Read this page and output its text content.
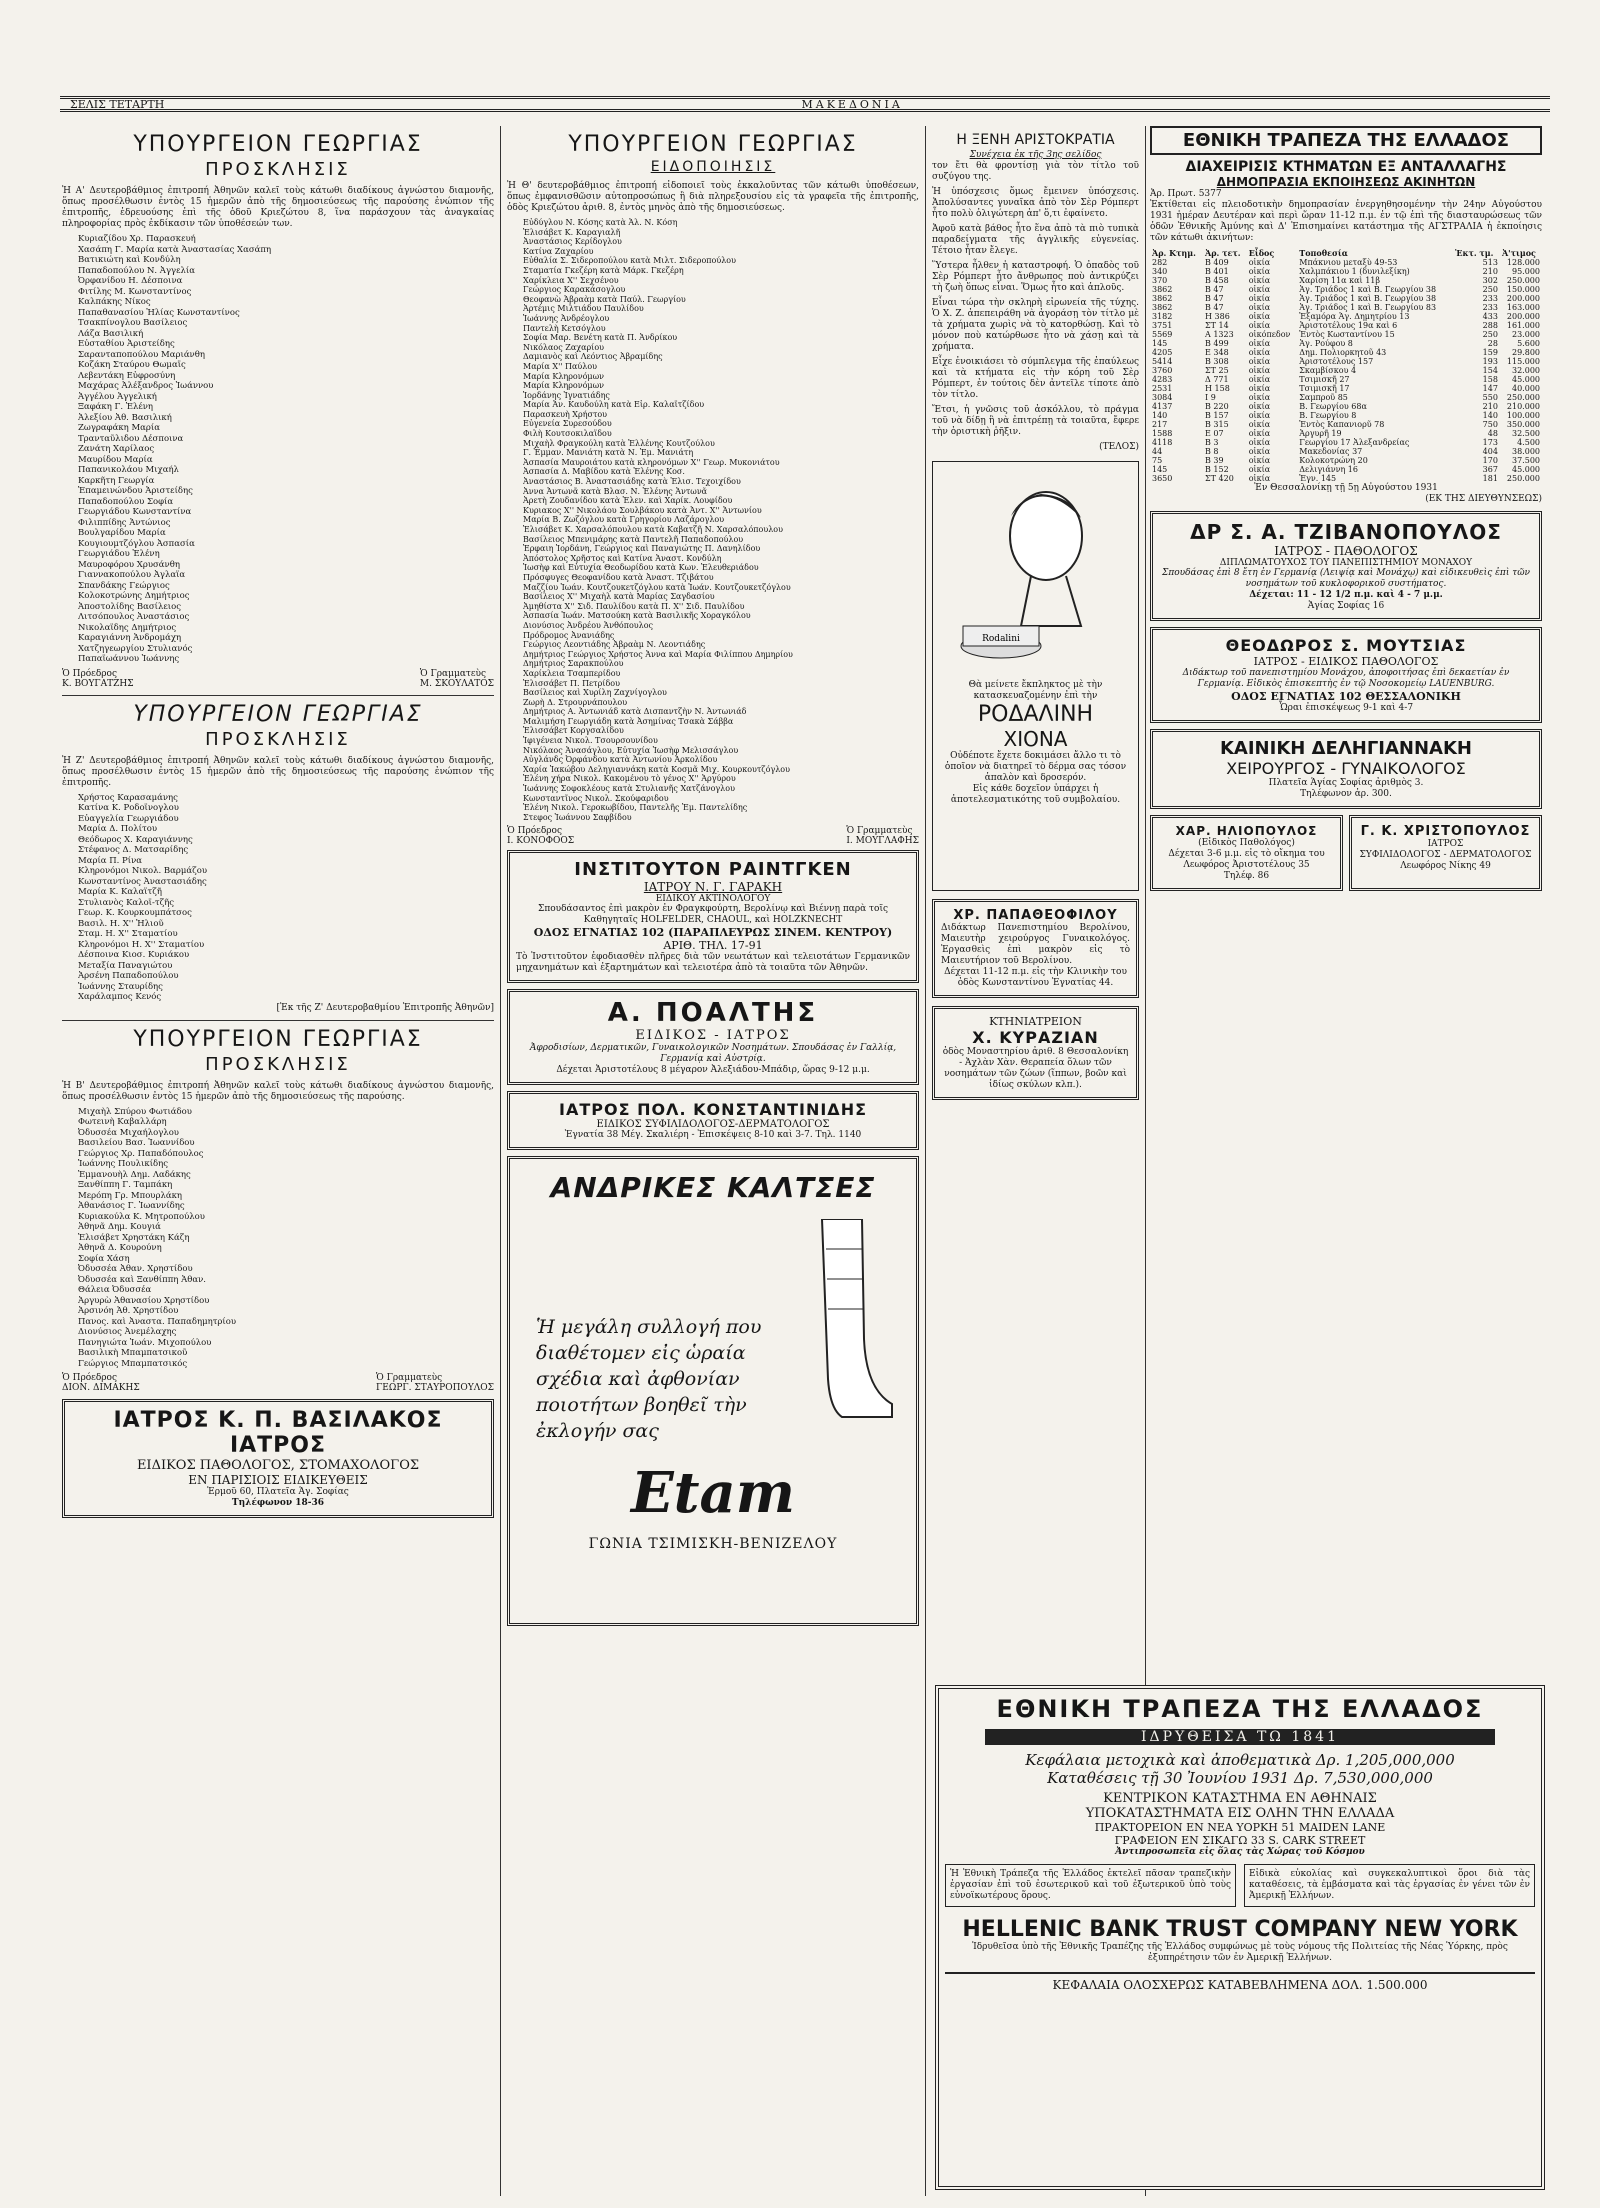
ΣΕΛΙΣ ΤΕΤΑΡΤΗ	ΜΑΚΕΔΟΝΙΑ
ΥΠΟΥΡΓΕΙΟΝ ΓΕΩΡΓΙΑΣ
ΠΡΟΣΚΛΗΣΙΣ

Ἡ Α' Δευτεροβάθμιος ἐπιτροπή Ἀθηνῶν καλεῖ τοὺς κάτωθι διαδίκους ἀγνώστου διαμονῆς, ὅπως προσέλθωσιν ἐντὸς 15 ἡμερῶν ἀπὸ τῆς δημοσιεύσεως τῆς παρούσης ἐνώπιον τῆς ἐπιτροπῆς, ἑδρευούσης ἐπὶ τῆς ὁδοῦ Κριεζώτου 8, ἵνα παράσχουν τὰς ἀναγκαίας πληροφορίας πρὸς ἐκδίκασιν τῶν ὑποθέσεών των.

1. Κυριαζίδου Χρ. Παρασκευή
2. Χασάπη Γ. Μαρία κατὰ Ἀναστασίας Χασάπη
3. Βατικιώτη καὶ Κονδύλη
4. Παπαδοπούλου Ν. Ἀγγελία
5. Ὀρφανίδου Η. Δέσποινα
6. Φιτίλης Μ. Κωνσταντίνος
7. Καλπάκης Νίκος
8. Παπαθανασίου Ἠλίας Κωνσταντίνος
9. Τσακπίνογλου Βασίλειος
10. Λάζα Βασιλική
11. Εὐσταθίου Ἀριστείδης
12. Σαρανταποπούλου Μαριάνθη
13. Κοζάκη Σταύρου Θωμαΐς
14. Λεβεντάκη Εὐφροσύνη
15. Μαχάρας Ἀλέξανδρος Ἰωάννου
16. Ἀγγέλου Ἀγγελική
17. Ξαφάκη Γ. Ἑλένη
18. Ἀλεξίου Ἀθ. Βασιλική
19. Ζωγραφάκη Μαρία
20. Τρανταῦλιδου Δέσποινα
21. Ζανάτη Χαρίλαος
22. Μαυρίδου Μαρία
23. Παπανικολάου Μιχαήλ
24. Καρκῆτη Γεωργία
25. Ἐπαμεινώνδου Ἀριστείδης
26. Παπαδοπούλου Σοφία
27. Γεωργιάδου Κωνσταντίνα
28. Φιλιππίδης Ἀντώνιος
29. Βουλγαρίδου Μαρία
30. Κουγιουμτζόγλου Ἀσπασία
31. Γεωργιάδου Ἑλένη
32. Μαυροφόρου Χρυσάνθη
33. Γιαννακοπούλου Ἀγλαΐα
34. Σπανδάκης Γεώργιος
35. Κολοκοτρώνης Δημήτριος
36. Ἀποστολίδης Βασίλειος
37. Λιτσόπουλος Ἀναστάσιος
38. Νικολαΐδης Δημήτριος
39. Καραγιάννη Ἀνδρομάχη
40. Χατζηγεωργίου Στυλιανός
41. Παπαϊωάννου Ἰωάννης
Ὁ Πρόεδρος
Κ. ΒΟΥΓΑΤΖΗΣ
Ὁ Γραμματεὺς
Μ. ΣΚΟΥΛΑΤΟΣ
ΥΠΟΥΡΓΕΙΟΝ ΓΕΩΡΓΙΑΣ
ΠΡΟΣΚΛΗΣΙΣ

Ἡ Ζ' Δευτεροβάθμιος ἐπιτροπή Ἀθηνῶν καλεῖ τοὺς κάτωθι διαδίκους ἀγνώστου διαμονῆς, ὅπως προσέλθωσιν ἐντὸς 15 ἡμερῶν ἀπὸ τῆς δημοσιεύσεως τῆς παρούσης ἐνώπιον τῆς ἐπιτροπῆς.

1. Χρήστος Καρασαμάνης
2. Κατίνα Κ. Ροδοΐνογλου
3. Εὐαγγελία Γεωργιάδου
4. Μαρία Δ. Πολίτου
5. Θεόδωρος Χ. Καραγιάννης
6. Στέφανος Δ. Ματσαρίδης
7. Μαρία Π. Ρίνα
8. Κληρονόμοι Νικολ. Βαρμάζου
9. Κωνσταντίνος Ἀναστασιάδης
10. Μαρία Κ. Καλαϊτζῆ
11. Στυλιανὸς Καλοϊ-τζῆς
12. Γεωρ. Κ. Κουρκουμπάτσος
13. Βασιλ. Η. Χ'' Ἠλιοῦ
14. Σταμ. Η. Χ'' Σταματίου
15. Κληρονόμοι Η. Χ'' Σταματίου
16. Δέσποινα Κιοσ. Κυριάκου
17. Μεταξία Παναγιώτου
18. Ἀρσένη Παπαδοπούλου
19. Ἰωάννης Σταυρίδης
20. Χαράλαμπος Κενός
[Ἐκ τῆς Ζ' Δευτεροβαθμίου Ἐπιτροπῆς Ἀθηνῶν]
ΥΠΟΥΡΓΕΙΟΝ ΓΕΩΡΓΙΑΣ
ΠΡΟΣΚΛΗΣΙΣ

Ἡ Β' Δευτεροβάθμιος ἐπιτροπή Ἀθηνῶν καλεῖ τοὺς κάτωθι διαδίκους ἀγνώστου διαμονῆς, ὅπως προσέλθωσιν ἐντὸς 15 ἡμερῶν ἀπὸ τῆς δημοσιεύσεως τῆς παρούσης.

1. Μιχαὴλ Σπύρου Φωτιάδου
2. Φωτεινὴ Καβαλλάρη
3. Ὀδυσσέα Μιχαήλογλου
4. Βασιλείου Βασ. Ἰωαννίδου
5. Γεώργιος Χρ. Παπαδόπουλος
6. Ἰωάννης Πουλικίδης
7. Ἐμμανουὴλ Δημ. Λαδάκης
8. Ξανθίππη Γ. Ταμπάκη
9. Μερόπη Γρ. Μπουρλάκη
10. Ἀθανάσιος Γ. Ἰωαννίδης
11. Κυριακούλα Κ. Μητροπούλου
12. Ἀθηνᾶ Δημ. Κουγιά
13. Ἑλισάβετ Χρηστάκη Κάζη
14. Ἀθηνᾶ Δ. Κουρούνη
15. Σοφία Χάση
16. Ὀδυσσέα Ἀθαν. Χρηστίδου
17. Ὀδυσσέα καὶ Ξανθίππη Ἀθαν.
18. Θάλεια Ὀδυσσέα
19. Ἀργυρὼ Ἀθανασίου Χρηστίδου
20. Ἀρσινόη Ἀθ. Χρηστίδου
21. Πανος. καὶ Ἀναστα. Παπαδημητρίου
22. Διονύσιος Ἀνεμέλαχης
23. Πανηγιώτα Ἰωάν. Μιχοπούλου
24. Βασιλικὴ Μπαμπατσικοῦ
25. Γεώργιος Μπαμπατσικός
Ὁ Πρόεδρος
ΔΙΟΝ. ΔΙΜΑΚΗΣ
Ὁ Γραμματεὺς
ΓΕΩΡΓ. ΣΤΑΥΡΟΠΟΥΛΟΣ
ΙΑΤΡΟΣ Κ. Π. ΒΑΣΙΛΑΚΟΣ ΙΑΤΡΟΣ
ΕΙΔΙΚΟΣ ΠΑΘΟΛΟΓΟΣ, ΣΤΟΜΑΧΟΛΟΓΟΣ
ΕΝ ΠΑΡΙΣΙΟΙΣ ΕΙΔΙΚΕΥΘΕΙΣ
Ἑρμοῦ 60, Πλατεῖα Ἁγ. Σοφίας
Τηλέφωνον 18-36
ΥΠΟΥΡΓΕΙΟΝ ΓΕΩΡΓΙΑΣ
ΕΙΔΟΠΟΙΗΣΙΣ

Ἡ Θ' δευτεροβάθμιος ἐπιτροπή εἰδοποιεῖ τοὺς ἐκκαλοῦντας τῶν κάτωθι ὑποθέσεων, ὅπως ἐμφανισθῶσιν αὐτοπροσώπως ἢ διὰ πληρεξουσίου εἰς τὰ γραφεῖα τῆς ἐπιτροπῆς, ὁδὸς Κριεζώτου ἀριθ. 8, ἐντὸς μηνὸς ἀπὸ τῆς δημοσιεύσεως.

1. Εὐδύγλου Ν. Κόσης κατὰ Ἀλ. Ν. Κόση
2. Ἐλισάβετ Κ. Καραγιαλῆ
3. Ἀναστάσιος Κερίδογλου
4. Κατίνα Ζαχαρίου
5. Εὐθαλία Σ. Σιδεροπούλου κατὰ Μιλτ. Σιδεροπούλου
6. Σταματία Γκεζέρη κατὰ Μάρκ. Γκεζέρη
7. Χαρίκλεια Χ'' Σεχσένου
8. Γεώργιος Καρακάσογλου
9. Θεοφανὼ Ἀβραὰμ κατὰ Παύλ. Γεωργίου
10. Ἀρτέμις Μιλτιάδου Παυλίδου
11. Ἰωάννης Ἀνδρέογλου
12. Παντελὴ Κετσόγλου
13. Σοφία Μαρ. Βενέτη κατὰ Π. Ἀνδρίκου
14. Νικόλαος Ζαχαρίου
15. Δαμιανὸς καὶ Λεόντιος Ἀβραμίδης
16. Μαρία Χ'' Παύλου
17. Μαρία Κληρονόμων
18. Μαρία Κληρονόμων
19. Ἰορδάνης Ἰγνατιάδης
20. Μαρία Ἀν. Καυδούλη κατὰ Εἰρ. Καλαϊτζίδου
21. Παρασκευὴ Χρήστου
22. Εὐγενεία Συρεσούδου
23. Φιλὴ Κουτσοκιλαΐδου
24. Μιχαὴλ Φραγκούλη κατὰ Ἑλλένης Κουτζούλου
25. Γ. Ἐμμαν. Μανιάτη κατὰ Ν. Ἐμ. Μανιάτη
26. Ἀσπασία Μαυροιάτου κατὰ κληρονόμων Χ'' Γεωρ. Μυκονιάτου
27. Ἀσπασία Δ. Μαβίδου κατὰ Ἑλένης Κοσ.
28. Ἀναστάσιος Β. Ἀναστασιάδης κατὰ Ἐλισ. Τεχοιχίδου
29. Ἀννα Ἀντωνᾶ κατὰ Βλασ. Ν. Ἑλένης Ἀντωνᾶ
30. Ἀρετὴ Ζουδανίδου κατὰ Ἑλεν. καὶ Χαρίκ. Λουφίδου
31. Κυριακος Χ'' Νικολάου Σουλβάκου κατὰ Ἀντ. Χ'' Ἀντωνίου
32. Μαρία Β. Ζωζόγλου κατὰ Γρηγορίου Λαζάρογλου
33. Ἑλισάβετ Κ. Χαρσαλόπουλου κατὰ Καβατζῆ Ν. Χαρσαλόπουλου
34. Βασίλειος Μπενιμάρης κατὰ Παντελῆ Παπαδοπούλου
35. Ἑρφαιη Ἰορδάνη, Γεώργιος καὶ Παναγιώτης Π. Δανηλίδου
36. Ἀπόστολος Χρῆστος καὶ Κατίνα Ἀναστ. Κονδύλη
37. Ἰωσὴφ καὶ Εὐτυχία Θεοδωρίδου κατὰ Κων. Ἐλευθεριάδου
38. Πρόσφυγες Θεοφανίδου κατὰ Ἀναστ. Τζιβάτου
39. Μαζζίου Ἰωάν. Κουτζουκετζόγλου κατὰ Ἰωάν. Κουτζουκετζόγλου
40. Βασίλειος Χ'' Μιχαὴλ κατὰ Μαρίας Σαγδασίου
41. Ἀμηθίστα Χ'' Σιδ. Παυλίδου κατὰ Π. Χ'' Σιδ. Παυλίδου
42. Ἀσπασία Ἰωάν. Ματσούκη κατὰ Βασιλικῆς Χοραγκόλου
43. Διονύσιος Ἀνδρέου Ἀνθόπουλος
44. Πρόδρομος Ἀνανιάδης
45. Γεώργιος Λεοντιάδης Ἀβραὰμ Ν. Λεοντιάδης
46. Δημήτριος Γεώργιος Χρήστος Ἀννα καὶ Μαρία Φιλίππου Δημηρίου
47. Δημήτριος Σαρακπούλου
48. Χαρίκλεια Τσαμπερίδου
49. Ἑλισσάβετ Π. Πετρίδου
50. Βασίλειος καὶ Χυρίλη Ζαχνίγογλου
51. Ζωρὴ Δ. Στρουρνάπουλου
52. Δημήτριος Α. Ἀντωνιάδ κατὰ Δισπαντζὴν Ν. Ἀντωνιάδ
53. Μαλιμήση Γεωργιάδη κατὰ Ἀσημίνας Τσακὰ Σάββα
54. Ἑλισσάβετ Κοργσαλίδου
55. Ἰφιγένεια Νικολ. Τσουρσουνίδου
56. Νικόλαος Ἀνασάγλου, Εὐτυχία Ἰωσὴφ Μελισσάγλου
57. Αὐγλάνδς Ὀρφάνδου κατὰ Ἀντωνίου Ἀρκολίδου
58. Χαρία Ἰακώβου Δεληγιαννάκη κατὰ Κοσμᾶ Μιχ. Κουρκουτζόγλου
59. Ἑλένη χήρα Νικολ. Κακομένου τὸ γένος Χ'' Ἀργύρου
60. Ἰωάννης Σοφοκλέους κατὰ Στυλιανῆς Χατζάνογλου
61. Κωνσταντῖνος Νικολ. Σκούφαριδου
62. Ἑλένη Νικολ. Γεροκωβίδου, Παντελῆς Ἐμ. Παντελίδης
63. Στεφος Ἰωάννου Σαφβίδου
Ὁ Πρόεδρος
Ι. ΚΟΝΟΦΟΟΣ
Ὁ Γραμματεὺς
Ι. ΜΟΥΓΛΑΦΗΣ
ΙΝΣΤΙΤΟΥΤΟΝ ΡΑΙΝΤΓΚΕΝ
ΙΑΤΡΟΥ Ν. Γ. ΓΑΡΑΚΗ
ΕΙΔΙΚΟΥ ΑΚΤΙΝΟΛΟΓΟΥ
Σπουδάσαντος ἐπὶ μακρὸν ἐν Φραγκφούρτη, Βερολίνῳ καὶ Βιέννῃ παρὰ τοῖς Καθηγηταῖς HOLFELDER, CHAOUL, καὶ HOLZKNECHT
ΟΔΟΣ ΕΓΝΑΤΙΑΣ 102 (ΠΑΡΑΠΛΕΥΡΩΣ ΣΙΝΕΜ. ΚΕΝΤΡΟΥ)
ΑΡΙΘ. ΤΗΛ. 17-91
Τὸ Ἰνστιτοῦτον ἐφοδιασθὲν πλῆρες διὰ τῶν νεωτάτων καὶ τελειοτάτων Γερμανικῶν μηχανημάτων καὶ ἐξαρτημάτων καὶ τελειοτέρα ἀπὸ τὰ τοιαῦτα τῶν Ἀθηνῶν.
Α. ΠΟΑΛΤΗΣ
ΕΙΔΙΚΟΣ - ΙΑΤΡΟΣ
Ἀφροδισίων, Δερματικῶν, Γυναικολογικῶν Νοσημάτων. Σπουδάσας ἐν Γαλλίᾳ, Γερμανίᾳ καὶ Αὐστρίᾳ.
Δέχεται Ἀριστοτέλους 8 μέγαρον Ἀλεξιάδου-Μπάδιρ, ὥρας 9-12 μ.μ.
ΙΑΤΡΟΣ ΠΟΛ. ΚΟΝΣΤΑΝΤΙΝΙΔΗΣ
ΕΙΔΙΚΟΣ ΣΥΦΙΛΙΔΟΛΟΓΟΣ-ΔΕΡΜΑΤΟΛΟΓΟΣ
Ἐγνατία 38 Μέγ. Σκαλιέρη - Ἐπισκέψεις 8-10 καὶ 3-7. Τηλ. 1140
ΑΝΔΡΙΚΕΣ ΚΑΛΤΣΕΣ
Ἡ μεγάλη συλλογή που διαθέτομεν εἰς ὡραία σχέδια καὶ ἀφθονίαν ποιοτήτων βοηθεῖ τὴν ἐκλογήν σας
Etam
ΓΩΝΙΑ ΤΣΙΜΙΣΚΗ-ΒΕΝΙΖΕΛΟΥ
Η ΞΕΝΗ ΑΡΙΣΤΟΚΡΑΤΙΑ
Συνέχεια ἐκ τῆς 3ης σελίδος

τον ἔτι θὰ φροντίσῃ γιὰ τὸν τίτλο τοῦ συζύγου της.

Ἡ ὑπόσχεσις ὅμως ἔμεινεν ὑπόσχεσις. Ἀπολύσαντες γυναῖκα ἀπὸ τὸν Σὲρ Ρόμπερτ ἦτο πολὺ ὀλιγώτερη ἀπ' ὅ,τι ἐφαίνετο.

Ἀφοῦ κατὰ βάθος ἦτο ἕνα ἀπὸ τὰ πιὸ τυπικὰ παραδείγματα τῆς ἀγγλικῆς εὐγενείας. Τέτοιο ἦταν ἔλεγε.

Ὕστερα ἦλθεν ἡ καταστροφή. Ὁ ὀπαδὸς τοῦ Σὲρ Ρόμπερτ ἦτο ἄνθρωπος ποὺ ἀντικρύζει τὴ ζωὴ ὅπως εἶναι. Ὅμως ἦτο καὶ ἁπλοῦς.

Εἶναι τώρα τὴν σκληρὴ εἰρωνεία τῆς τύχης. Ὁ Χ. Ζ. ἀπεπειράθη νὰ ἀγοράσῃ τὸν τίτλο μὲ τὰ χρήματα χωρὶς νὰ τὸ κατορθώσῃ. Καὶ τὸ μόνον ποὺ κατώρθωσε ἦτο νὰ χάσῃ καὶ τὰ χρήματα.

Εἶχε ἐνοικιάσει τὸ σύμπλεγμα τῆς ἐπαύλεως καὶ τὰ κτήματα εἰς τὴν κόρη τοῦ Σὲρ Ρόμπερτ, ἐν τούτοις δὲν ἀντεῖλε τίποτε ἀπὸ τὸν τίτλο.

Ἔτσι, ἡ γνῶσις τοῦ ἀσκόλλου, τὸ πράγμα τοῦ νὰ δίδῃ ἢ νὰ ἐπιτρέπῃ τὰ τοιαῦτα, ἔφερε τὴν ὁριστικὴ ῥῆξιν.

(ΤΕΛΟΣ)
Rodalini
Θὰ μείνετε ἔκπληκτος μὲ τὴν κατασκευαζομένην ἐπὶ τὴν
ΡΟΔΑΛΙΝΗ
ΧΙΟΝΑ
Οὐδέποτε ἔχετε δοκιμάσει ἄλλο τι τὸ ὁποῖον νὰ διατηρεῖ τὸ δέρμα σας τόσον ἁπαλὸν καὶ δροσερόν.
Εἰς κάθε δοχεῖον ὑπάρχει ἡ ἀποτελεσματικότης τοῦ συμβολαίου.
ΧΡ. ΠΑΠΑΘΕΟΦΙΛΟΥ
Διδάκτωρ Πανεπιστημίου Βερολίνου, Μαιευτὴρ χειρούργος Γυναικολόγος. Ἐργασθεὶς ἐπὶ μακρὸν εἰς τὸ Μαιευτήριον τοῦ Βερολίνου.
Δέχεται 11-12 π.μ. εἰς τὴν Κλινικὴν του ὁδὸς Κωνσταντίνου Ἐγνατίας 44.
ΚΤΗΝΙΑΤΡΕΙΟΝ
Χ. ΚΥΡΑΖΙΑΝ
ὁδὸς Μοναστηρίου ἀριθ. 8 Θεσσαλονίκη - Ἀχλὰν Χὰν. Θεραπεία ὅλων τῶν νοσημάτων τῶν ζώων (ἵππων, βοῶν καὶ ἰδίως σκύλων κλπ.).
ΕΘΝΙΚΗ ΤΡΑΠΕΖΑ ΤΗΣ ΕΛΛΑΔΟΣ
ΔΙΑΧΕΙΡΙΣΙΣ ΚΤΗΜΑΤΩΝ ΕΞ ΑΝΤΑΛΛΑΓΗΣ
ΔΗΜΟΠΡΑΣΙΑ ΕΚΠΟΙΗΣΕΩΣ ΑΚΙΝΗΤΩΝ
Ἀρ. Πρωτ. 5377

Ἐκτίθεται εἰς πλειοδοτικὴν δημοπρασίαν ἐνεργηθησομένην τὴν 24ην Αὐγούστου 1931 ἡμέραν Δευτέραν καὶ περὶ ὥραν 11-12 π.μ. ἐν τῷ ἐπὶ τῆς διασταυρώσεως τῶν ὁδῶν Ἐθνικῆς Ἀμύνης καὶ Δ' Ἐπισημαίνει κατάστημα τῆς ΑΓΣΤΡΑΛΙΑ ἡ ἐκποίησις τῶν κάτωθι ἀκινήτων:

Ἀρ. Κτημ.	Ἀρ. τετ.	Εἶδος	Τοποθεσία	Ἐκτ. τμ.	Ἀ'τιμος
282	Β 409	οἰκία	Μπάκνιου μεταξὺ 49-53	513	128.000
340	Β 401	οἰκία	Χαλμπάκιου 1 (δυνιλεξίκη)	210	95.000
370	Β 458	οἰκία	Χαρίση 11α καὶ 11β	302	250.000
3862	Β 47	οἰκία	Ἁγ. Τριάδος 1 καὶ Β. Γεωργίου 38	250	150.000
3862	Β 47	οἰκία	Ἁγ. Τριάδος 1 καὶ Β. Γεωργίου 38	233	200.000
3862	Β 47	οἰκία	Ἁγ. Τριάδος 1 καὶ Β. Γεωργίου 83	233	163.000
3182	Η 386	οἰκία	Ἐξαμόρα Ἁγ. Δημητρίου 13	433	200.000
3751	ΣΤ 14	οἰκία	Ἀριστοτέλους 19α καὶ 6	288	161.000
5569	Α 1323	οἰκόπεδον	Ἐντὸς Κωσταντίνου 15	250	23.000
145	Β 499	οἰκία	Ἁγ. Ρούφου 8	28	5.600
4205	Ε 348	οἰκία	Δημ. Πολιορκητοῦ 43	159	29.800
5414	Β 308	οἰκία	Ἀριστοτέλους 157	193	115.000
3760	ΣΤ 25	οἰκία	Σκαμβίσκου 4	154	32.000
4283	Δ 771	οἰκία	Τσιμισκῆ 27	158	45.000
2531	Η 158	οἰκία	Τσιμισκῆ 17	147	40.000
3084	Ι 9	οἰκία	Σαμπροῦ 85	550	250.000
4137	Β 220	οἰκία	Β. Γεωργίου 68α	210	210.000
140	Β 157	οἰκία	Β. Γεωργίου 8	140	100.000
217	Β 315	οἰκία	Ἐντὸς Καπανιορῦ 78	750	350.000
1588	Ε 07	οἰκία	Ἀργυρῆ 19	48	32.500
4118	Β 3	οἰκία	Γεωργίου 17 Ἀλεξανδρείας	173	4.500
44	Β 8	οἰκία	Μακεδονίας 37	404	38.000
75	Β 39	οἰκία	Κολοκοτρώνη 20	170	37.500
145	Β 152	οἰκία	Δελιγιάννη 16	367	45.000
3650	ΣΤ 420	οἰκία	Ἐγν. 145	181	250.000
Ἐν Θεσσαλονίκῃ τῇ 5ῃ Αὐγούστου 1931
(ΕΚ ΤΗΣ ΔΙΕΥΘΥΝΣΕΩΣ)
ΔΡ Σ. Α. ΤΖΙΒΑΝΟΠΟΥΛΟΣ
ΙΑΤΡΟΣ - ΠΑΘΟΛΟΓΟΣ
ΔΙΠΛΩΜΑΤΟΥΧΟΣ ΤΟΥ ΠΑΝΕΠΙΣΤΗΜΙΟΥ ΜΟΝΑΧΟΥ
Σπουδάσας ἐπὶ 8 ἔτη ἐν Γερμανίᾳ (Λειψίᾳ καὶ Μονάχῳ) καὶ εἰδικευθεὶς ἐπὶ τῶν νοσημάτων τοῦ κυκλοφορικοῦ συστήματος.
Δέχεται: 11 - 12 1/2 π.μ. καὶ 4 - 7 μ.μ.
Ἁγίας Σοφίας 16
ΘΕΟΔΩΡΟΣ Σ. ΜΟΥΤΣΙΑΣ
ΙΑΤΡΟΣ - ΕΙΔΙΚΟΣ ΠΑΘΟΛΟΓΟΣ
Διδάκτωρ τοῦ πανεπιστημίου Μονάχου, ἀποφοιτήσας ἐπὶ δεκαετίαν ἐν Γερμανίᾳ. Εἰδικὸς ἐπισκεπτὴς ἐν τῷ Νοσοκομείῳ LAUENBURG.
ΟΔΟΣ ΕΓΝΑΤΙΑΣ 102 ΘΕΣΣΑΛΟΝΙΚΗ
Ὧραι ἐπισκέψεως 9-1 καὶ 4-7
ΚΑΙΝΙΚΗ ΔΕΛΗΓΙΑΝΝΑΚΗ
ΧΕΙΡΟΥΡΓΟΣ - ΓΥΝΑΙΚΟΛΟΓΟΣ
Πλατεῖα Ἁγίας Σοφίας ἀριθμὸς 3.
Τηλέφωνον ἀρ. 300.
ΧΑΡ. ΗΛΙΟΠΟΥΛΟΣ
(Εἰδικὸς Παθολόγος)
Δέχεται 3-6 μ.μ. εἰς τὸ οἴκημα του Λεωφόρος Ἀριστοτέλους 35
Τηλέφ. 86
Γ. Κ. ΧΡΙΣΤΟΠΟΥΛΟΣ
ΙΑΤΡΟΣ
ΣΥΦΙΛΙΔΟΛΟΓΟΣ - ΔΕΡΜΑΤΟΛΟΓΟΣ
Λεωφόρος Νίκης 49
ΕΘΝΙΚΗ ΤΡΑΠΕΖΑ ΤΗΣ ΕΛΛΑΔΟΣ
ΙΔΡΥΘΕΙΣΑ ΤΩ 1841
Κεφάλαια μετοχικὰ καὶ ἀποθεματικὰ Δρ. 1,205,000,000
Καταθέσεις τῇ 30 Ἰουνίου 1931 Δρ. 7,530,000,000
ΚΕΝΤΡΙΚΟΝ ΚΑΤΑΣΤΗΜΑ ΕΝ ΑΘΗΝΑΙΣ
ΥΠΟΚΑΤΑΣΤΗΜΑΤΑ ΕΙΣ ΟΛΗΝ ΤΗΝ ΕΛΛΑΔΑ
ΠΡΑΚΤΟΡΕΙΟΝ ΕΝ ΝΕΑ ΥΟΡΚΗ 51 MAIDEN LANE
ΓΡΑΦΕΙΟΝ ΕΝ ΣΙΚΑΓΩ 33 S. CARK STREET
Ἀντιπροσωπεῖα εἰς ὅλας τὰς Χώρας τοῦ Κόσμου
Ἡ Ἐθνικὴ Τράπεζα τῆς Ἑλλάδος ἐκτελεῖ πᾶσαν τραπεζικὴν ἐργασίαν ἐπὶ τοῦ ἐσωτερικοῦ καὶ τοῦ ἐξωτερικοῦ ὑπὸ τοὺς εὐνοϊκωτέρους ὅρους.
Εἰδικὰ εὐκολίας καὶ συγκεκαλυπτικοὶ ὅροι διὰ τὰς καταθέσεις, τὰ ἐμβάσματα καὶ τὰς ἐργασίας ἐν γένει τῶν ἐν Ἀμερικῇ Ἑλλήνων.
HELLENIC BANK TRUST COMPANY NEW YORK
Ἱδρυθεῖσα ὑπὸ τῆς Ἐθνικῆς Τραπέζης τῆς Ἑλλάδος συμφώνως μὲ τοὺς νόμους τῆς Πολιτείας τῆς Νέας Ὑόρκης, πρὸς ἐξυπηρέτησιν τῶν ἐν Ἀμερικῇ Ἑλλήνων.
ΚΕΦΑΛΑΙΑ ΟΛΟΣΧΕΡΩΣ ΚΑΤΑΒΕΒΛΗΜΕΝΑ ΔΟΛ. 1.500.000
